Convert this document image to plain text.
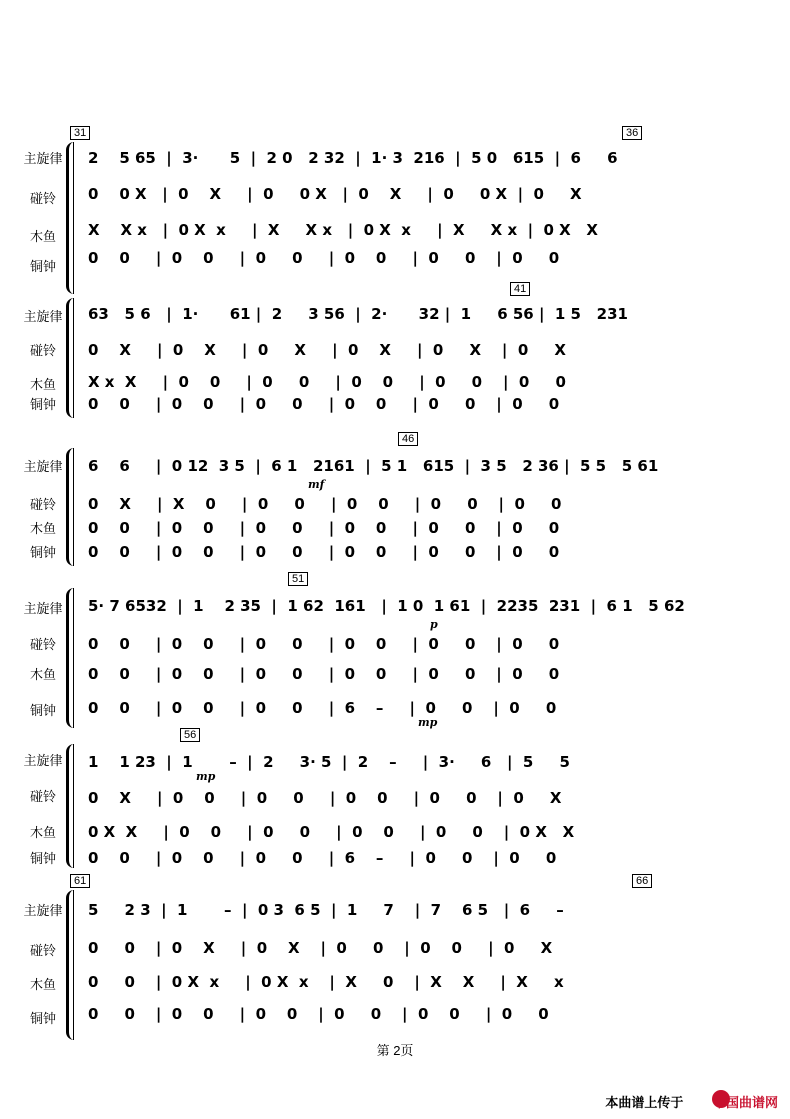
31	36
主旋律
碰铃
木鱼
铜钟
2    5 65  |  3·      5  |  2 0   2 32  |  1· 3  216  |  5 0   615  |  6     6
0    0 X   |  0    X     |  0     0 X   |  0    X     |  0     0 X  |  0     X
X    X x   |  0 X  x     |  X     X x   |  0 X  x     |  X     X x  |  0 X   X
0    0     |  0    0     |  0     0     |  0    0     |  0     0    |  0     0
41
主旋律
碰铃
木鱼
铜钟
63   5 6   |  1·      61 |  2     3 56  |  2·      32 |  1     6 56 |  1 5   231
0    X     |  0    X     |  0     X     |  0    X     |  0     X    |  0     X
X x  X     |  0    0     |  0     0     |  0    0     |  0     0    |  0     0
0    0     |  0    0     |  0     0     |  0    0     |  0     0    |  0     0
46
主旋律
碰铃
木鱼
铜钟
6    6     |  0 12  3 5  |  6 1   2161  |  5 1   615  |  3 5   2 36 |  5 5   5 61
0    X     |  X    0     |  0     0     |  0    0     |  0     0    |  0     0
0    0     |  0    0     |  0     0     |  0    0     |  0     0    |  0     0
0    0     |  0    0     |  0     0     |  0    0     |  0     0    |  0     0
mf
51
主旋律
碰铃
木鱼
铜钟
5· 7 6532  |  1    2 35  |  1 62  161   |  1 0  1 61  |  2235  231  |  6 1   5 62
0    0     |  0    0     |  0     0     |  0    0     |  0     0    |  0     0
0    0     |  0    0     |  0     0     |  0    0     |  0     0    |  0     0
0    0     |  0    0     |  0     0     |  6    –     |  0     0    |  0     0
p
mp
56
主旋律
碰铃
木鱼
铜钟
1    1 23  |  1       –  |  2     3· 5  |  2    –     |  3·     6   |  5     5
0    X     |  0    0     |  0     0     |  0    0     |  0     0    |  0     X
0 X  X     |  0    0     |  0     0     |  0    0     |  0     0    |  0 X   X
0    0     |  0    0     |  0     0     |  6    –     |  0     0    |  0     0
mp
61	66
主旋律
碰铃
木鱼
铜钟
5     2 3  |  1       –  |  0 3  6 5  |  1     7    |  7    6 5   |  6     –
0     0    |  0    X     |  0    X    |  0     0    |  0    0     |  0     X
0     0    |  0 X  x     |  0 X  x    |  X     0    |  X    X     |  X     x
0     0    |  0    0     |  0    0    |  0     0    |  0    0     |  0     0
第 2页
本曲谱上传于 中国曲谱网
